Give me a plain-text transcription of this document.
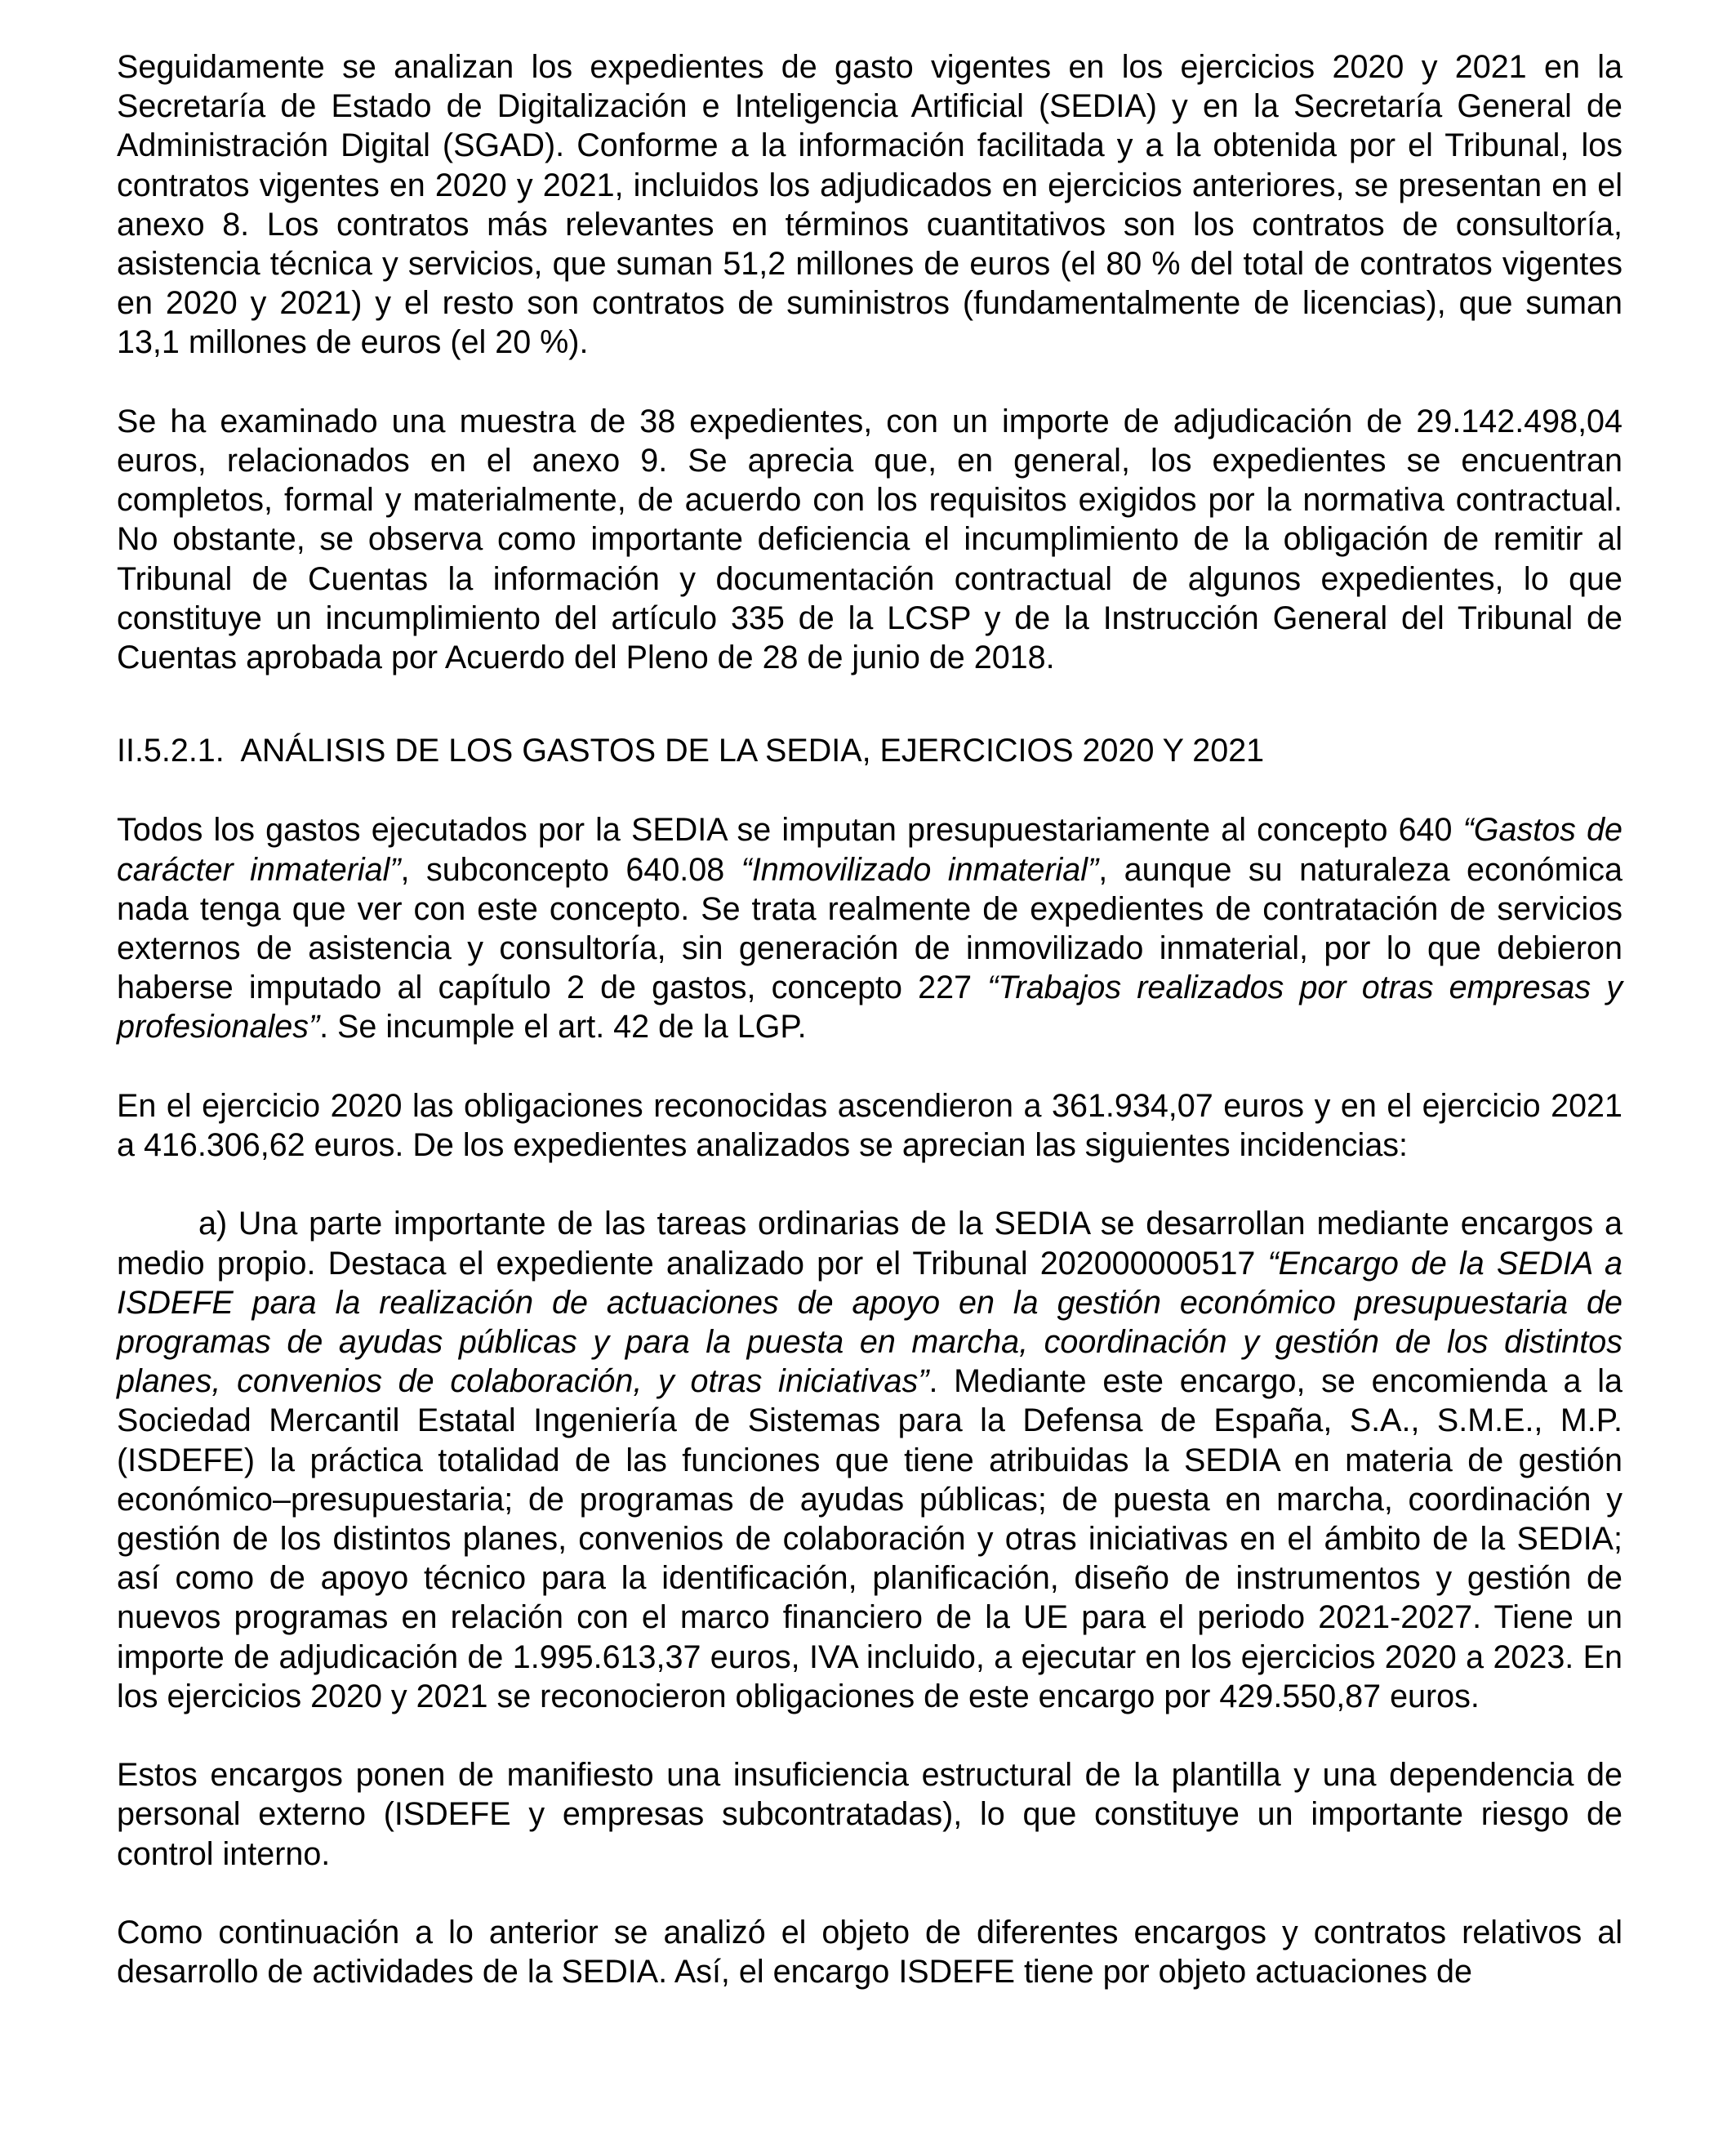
Seguidamente se analizan los expedientes de gasto vigentes en los ejercicios 2020 y 2021 en la Secretaría de Estado de Digitalización e Inteligencia Artificial (SEDIA) y en la Secretaría General de Administración Digital (SGAD). Conforme a la información facilitada y a la obtenida por el Tribunal, los contratos vigentes en 2020 y 2021, incluidos los adjudicados en ejercicios anteriores, se presentan en el anexo 8. Los contratos más relevantes en términos cuantitativos son los contratos de consultoría, asistencia técnica y servicios, que suman 51,2 millones de euros (el 80 % del total de contratos vigentes en 2020 y 2021) y el resto son contratos de suministros (fundamentalmente de licencias), que suman 13,1 millones de euros (el 20 %).

Se ha examinado una muestra de 38 expedientes, con un importe de adjudicación de 29.142.498,04 euros, relacionados en el anexo 9. Se aprecia que, en general, los expedientes se encuentran completos, formal y materialmente, de acuerdo con los requisitos exigidos por la normativa contractual. No obstante, se observa como importante deficiencia el incumplimiento de la obligación de remitir al Tribunal de Cuentas la información y documentación contractual de algunos expedientes, lo que constituye un incumplimiento del artículo 335 de la LCSP y de la Instrucción General del Tribunal de Cuentas aprobada por Acuerdo del Pleno de 28 de junio de 2018.

II.5.2.1. ANÁLISIS DE LOS GASTOS DE LA SEDIA, EJERCICIOS 2020 Y 2021

Todos los gastos ejecutados por la SEDIA se imputan presupuestariamente al concepto 640 “Gastos de carácter inmaterial”, subconcepto 640.08 “Inmovilizado inmaterial”, aunque su naturaleza económica nada tenga que ver con este concepto. Se trata realmente de expedientes de contratación de servicios externos de asistencia y consultoría, sin generación de inmovilizado inmaterial, por lo que debieron haberse imputado al capítulo 2 de gastos, concepto 227 “Trabajos realizados por otras empresas y profesionales”. Se incumple el art. 42 de la LGP.

En el ejercicio 2020 las obligaciones reconocidas ascendieron a 361.934,07 euros y en el ejercicio 2021 a 416.306,62 euros. De los expedientes analizados se aprecian las siguientes incidencias:

a) Una parte importante de las tareas ordinarias de la SEDIA se desarrollan mediante encargos a medio propio. Destaca el expediente analizado por el Tribunal 202000000517 “Encargo de la SEDIA a ISDEFE para la realización de actuaciones de apoyo en la gestión económico presupuestaria de programas de ayudas públicas y para la puesta en marcha, coordinación y gestión de los distintos planes, convenios de colaboración, y otras iniciativas”. Mediante este encargo, se encomienda a la Sociedad Mercantil Estatal Ingeniería de Sistemas para la Defensa de España, S.A., S.M.E., M.P. (ISDEFE) la práctica totalidad de las funciones que tiene atribuidas la SEDIA en materia de gestión económico–presupuestaria; de programas de ayudas públicas; de puesta en marcha, coordinación y gestión de los distintos planes, convenios de colaboración y otras iniciativas en el ámbito de la SEDIA; así como de apoyo técnico para la identificación, planificación, diseño de instrumentos y gestión de nuevos programas en relación con el marco financiero de la UE para el periodo 2021-2027. Tiene un importe de adjudicación de 1.995.613,37 euros, IVA incluido, a ejecutar en los ejercicios 2020 a 2023. En los ejercicios 2020 y 2021 se reconocieron obligaciones de este encargo por 429.550,87 euros.

Estos encargos ponen de manifiesto una insuficiencia estructural de la plantilla y una dependencia de personal externo (ISDEFE y empresas subcontratadas), lo que constituye un importante riesgo de control interno.

Como continuación a lo anterior se analizó el objeto de diferentes encargos y contratos relativos al desarrollo de actividades de la SEDIA. Así, el encargo ISDEFE tiene por objeto actuaciones de
